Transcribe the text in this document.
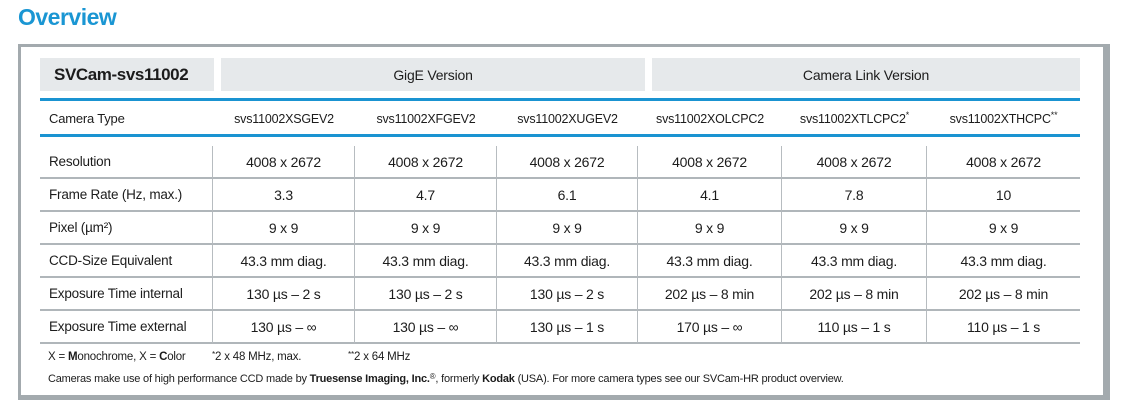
Overview
SVCam-svs11002	GigE Version	Camera Link Version
Camera Type	svs11002XSGEV2	svs11002XFGEV2	svs11002XUGEV2	svs11002XOLCPC2	svs11002XTLCPC2 *	svs11002XTHCPC **
Resolution	4008 x 2672	4008 x 2672	4008 x 2672	4008 x 2672	4008 x 2672	4008 x 2672
Frame Rate (Hz, max.)	3.3	4.7	6.1	4.1	7.8	10
Pixel (µm²)	9 x 9	9 x 9	9 x 9	9 x 9	9 x 9	9 x 9
CCD-Size Equivalent	43.3 mm diag.	43.3 mm diag.	43.3 mm diag.	43.3 mm diag.	43.3 mm diag.	43.3 mm diag.
Exposure Time internal	130 µs – 2 s	130 µs – 2 s	130 µs – 2 s	202 µs – 8 min	202 µs – 8 min	202 µs – 8 min
Exposure Time external	130 µs – ∞	130 µs – ∞	130 µs – 1 s	170 µs – ∞	110 µs – 1 s	110 µs – 1 s
X = Monochrome, X = Color	*2 x 48 MHz, max.	**2 x 64 MHz
Cameras make use of high performance CCD made by Truesense Imaging, Inc.®, formerly Kodak (USA). For more camera types see our SVCam-HR product overview.
